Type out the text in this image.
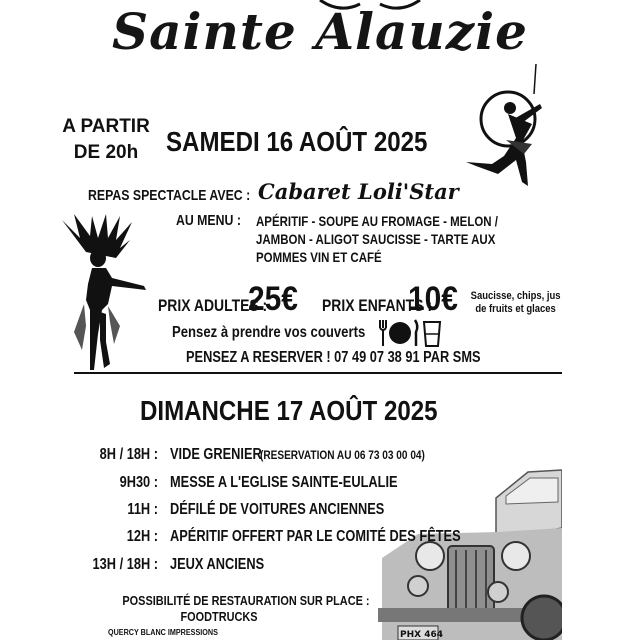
Sainte Alauzie
A PARTIR
DE 20h SAMEDI 16 AOÛT 2025
REPAS SPECTACLE AVEC : Cabaret Loli'Star
AU MENU : APÉRITIF - SOUPE AU FROMAGE - MELON / JAMBON - ALIGOT SAUCISSE - TARTE AUX POMMES VIN ET CAFÉ
PRIX ADULTES :
25€ PRIX ENFANTS :
10€	Saucisse, chips, jus de fruits et glaces
Pensez à prendre vos couverts
PENSEZ A RESERVER ! 07 49 07 38 91 PAR SMS
DIMANCHE 17 AOÛT 2025
PHX 464
8H / 18H : VIDE GRENIER
(RESERVATION AU 06 73 03 00 04)
9H30 : MESSE A L'EGLISE SAINTE-EULALIE
11H : DÉFILÉ DE VOITURES ANCIENNES
12H : APÉRITIF OFFERT PAR LE COMITÉ DES FÊTES
13H / 18H : JEUX ANCIENS
POSSIBILITÉ DE RESTAURATION SUR PLACE :
FOODTRUCKS
QUERCY BLANC IMPRESSIONS
